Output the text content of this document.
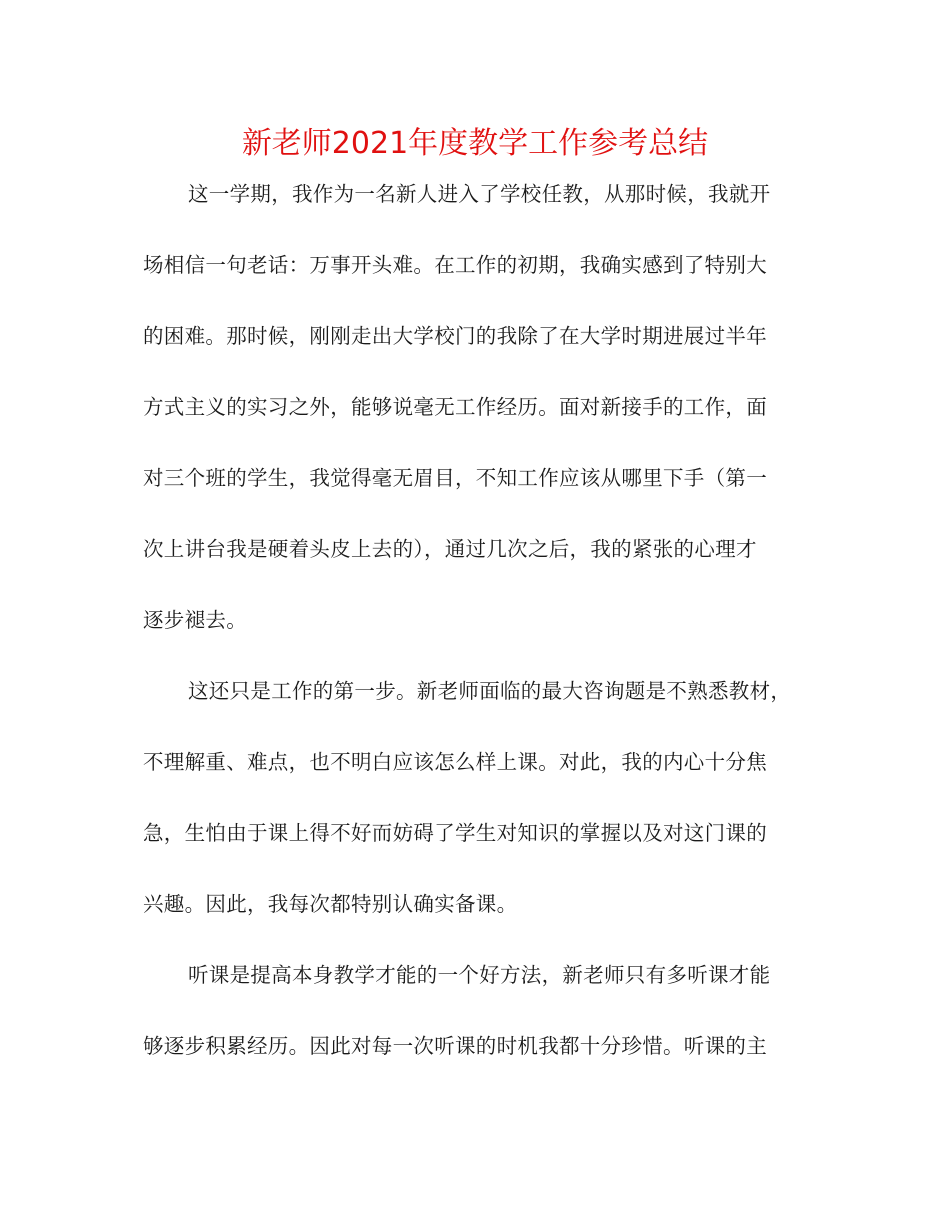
新老师2021年度教学工作参考总结
这一学期，我作为一名新人进入了学校任教，从那时候，我就开
场相信一句老话：万事开头难。在工作的初期，我确实感到了特别大
的困难。那时候，刚刚走出大学校门的我除了在大学时期进展过半年
方式主义的实习之外，能够说毫无工作经历。面对新接手的工作，面
对三个班的学生，我觉得毫无眉目，不知工作应该从哪里下手（第一
次上讲台我是硬着头皮上去的），通过几次之后，我的紧张的心理才
逐步褪去。
这还只是工作的第一步。新老师面临的最大咨询题是不熟悉教材，
不理解重、难点，也不明白应该怎么样上课。对此，我的内心十分焦
急，生怕由于课上得不好而妨碍了学生对知识的掌握以及对这门课的
兴趣。因此，我每次都特别认确实备课。
听课是提高本身教学才能的一个好方法，新老师只有多听课才能
够逐步积累经历。因此对每一次听课的时机我都十分珍惜。听课的主
